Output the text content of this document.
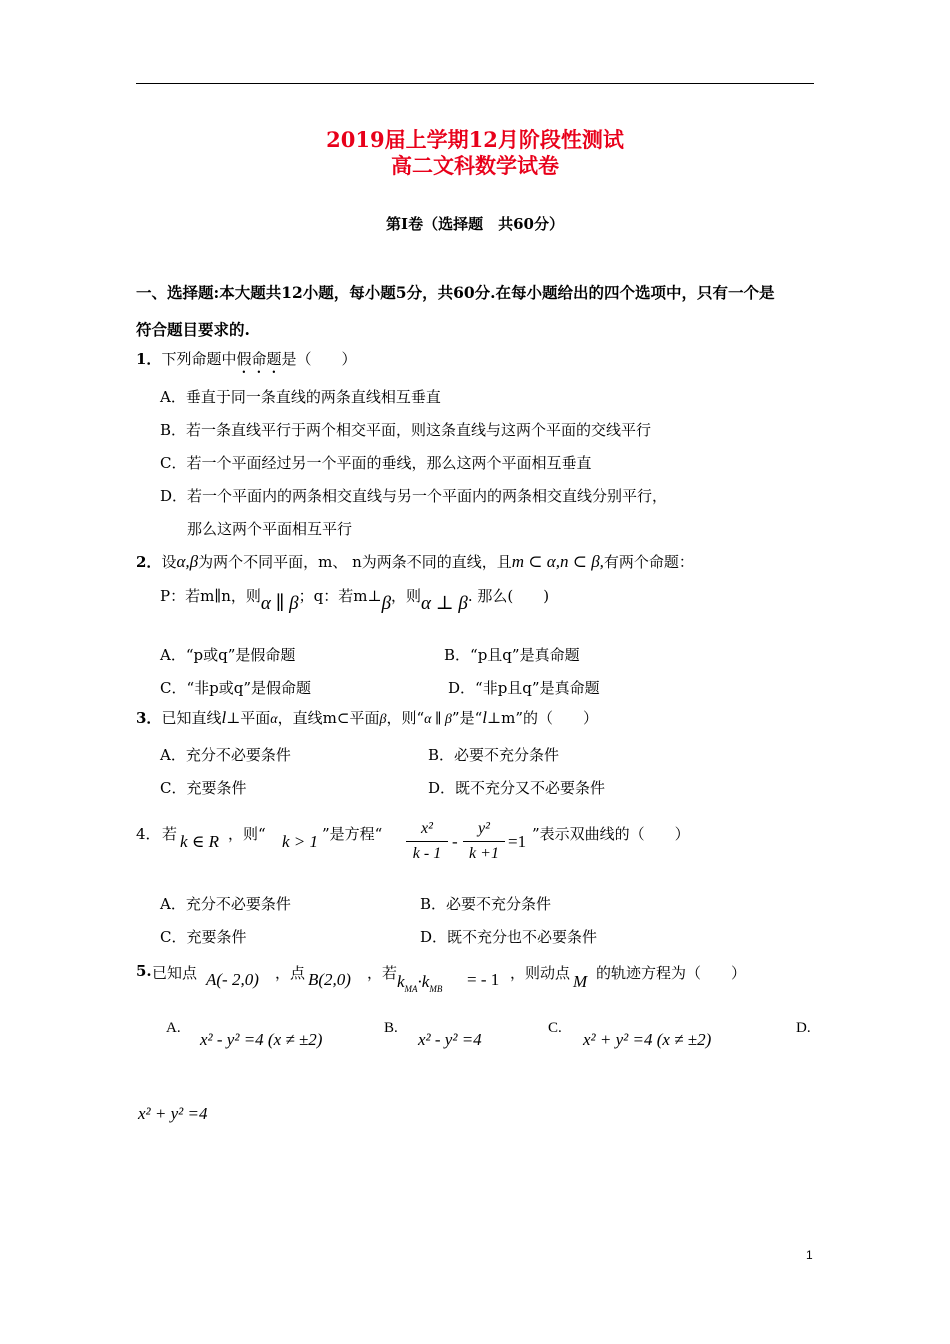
2019届上学期12月阶段性测试
高二文科数学试卷
第Ⅰ卷（选择题　共60分）
一、选择题:本大题共12小题，每小题5分，共60分.在每小题给出的四个选项中，只有一个是
符合题目要求的.
1．下列命题中假命题是（　　）
A．垂直于同一条直线的两条直线相互垂直
B．若一条直线平行于两个相交平面，则这条直线与这两个平面的交线平行
C．若一个平面经过另一个平面的垂线，那么这两个平面相互垂直
D．若一个平面内的两条相交直线与另一个平面内的两条相交直线分别平行，
那么这两个平面相互平行
2．设α,β为两个不同平面，m、 n为两条不同的直线，且m ⊂ α,n ⊂ β,有两个命题：
P：若m∥n，则α ∥ β；q：若m⊥β，则α ⊥ β. 那么(　　)
A．“p或q”是假命题	B．“p且q”是真命题
C．“非p或q”是假命题	D．“非p且q”是真命题
3．已知直线l⊥平面α，直线m⊂平面β，则“α ∥ β”是“l⊥m”的（　　）
A．充分不必要条件	B．必要不充分条件
C．充要条件	D．既不充分又不必要条件
4． 若 k ∈ R ，则“ k > 1 ”是方程“	x²
k - 1
-
y²
k +1
=1 ”表示双曲线的（　　）
A．充分不必要条件	B．必要不充分条件
C．充要条件	D．既不充分也不必要条件
5. 已知点 A(- 2,0) ，点 B(2,0) ，若 $k_{MA}\cdot k_{MB}$ = - 1 ，则动点 M 的轨迹方程为（　　）
A.
x² - y² =4 (x ≠ ±2)
B.
x² - y² =4
C.
x² + y² =4 (x ≠ ±2)
D.
x² + y² =4
1
